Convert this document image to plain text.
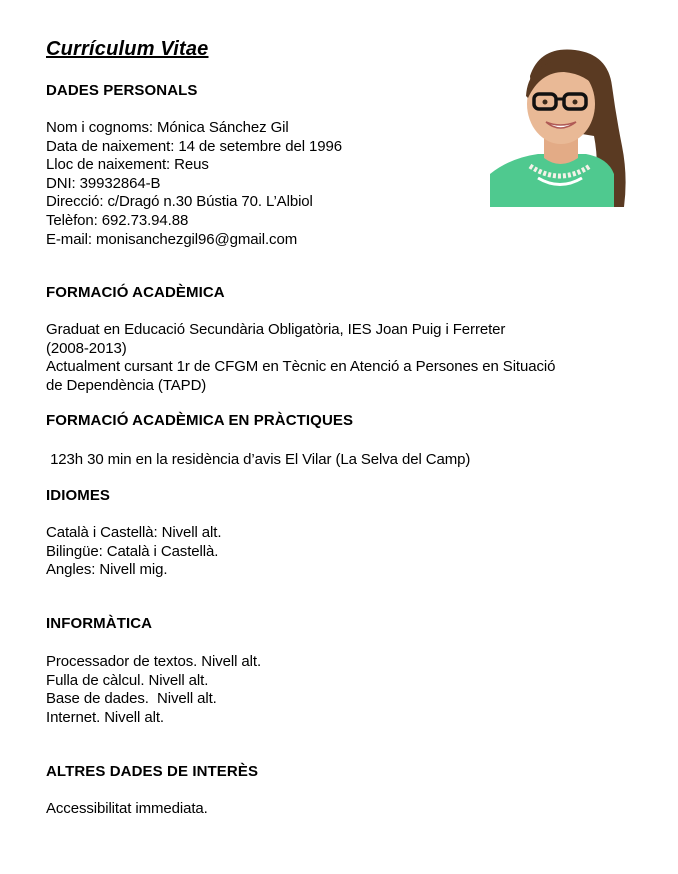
Currículum Vitae
DADES PERSONALS
Nom i cognoms: Mónica Sánchez Gil
Data de naixement: 14 de setembre del 1996
Lloc de naixement: Reus
DNI: 39932864-B
Direcció: c/Dragó n.30 Bústia 70. L’Albiol
Telèfon: 692.73.94.88
E-mail: monisanchezgil96@gmail.com
FORMACIÓ ACADÈMICA
Graduat en Educació Secundària Obligatòria, IES Joan Puig i Ferreter
(2008-2013)
Actualment cursant 1r de CFGM en Tècnic en Atenció a Persones en Situació
de Dependència (TAPD)
FORMACIÓ ACADÈMICA EN PRÀCTIQUES
123h 30 min en la residència d’avis El Vilar (La Selva del Camp)
IDIOMES
Català i Castellà: Nivell alt.
Bilingüe: Català i Castellà.
Angles: Nivell mig.
INFORMÀTICA
Processador de textos. Nivell alt.
Fulla de càlcul. Nivell alt.
Base de dades.  Nivell alt.
Internet. Nivell alt.
ALTRES DADES DE INTERÈS
Accessibilitat immediata.
